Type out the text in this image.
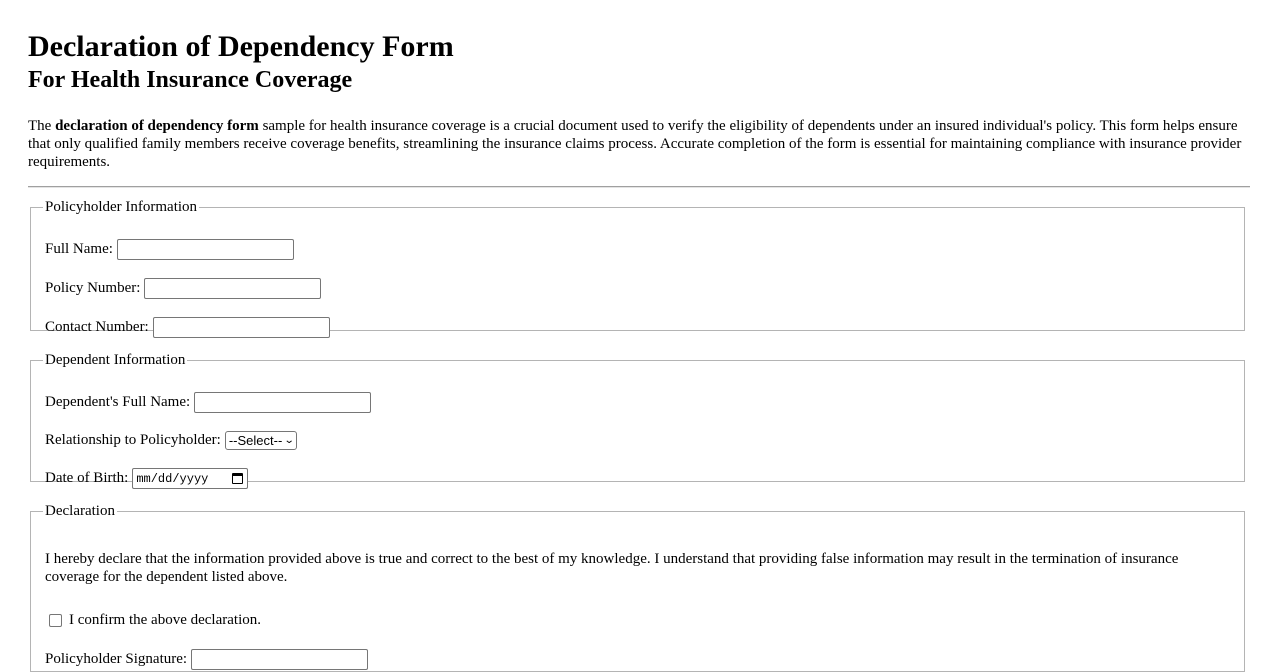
Declaration of Dependency Form
For Health Insurance Coverage

The declaration of dependency form sample for health insurance coverage is a crucial document used to verify the eligibility of dependents under an insured individual's policy. This form helps ensure that only qualified family members receive coverage benefits, streamlining the insurance claims process. Accurate completion of the form is essential for maintaining compliance with insurance provider requirements.

Policyholder Information
Full Name:
Policy Number:
Contact Number:
Dependent Information
Dependent's Full Name:
Relationship to Policyholder: --Select-- ⌄
Date of Birth: mm/dd/yyyy
Declaration

I hereby declare that the information provided above is true and correct to the best of my knowledge. I understand that providing false information may result in the termination of insurance coverage for the dependent listed above.

I confirm the above declaration.
Policyholder Signature:
